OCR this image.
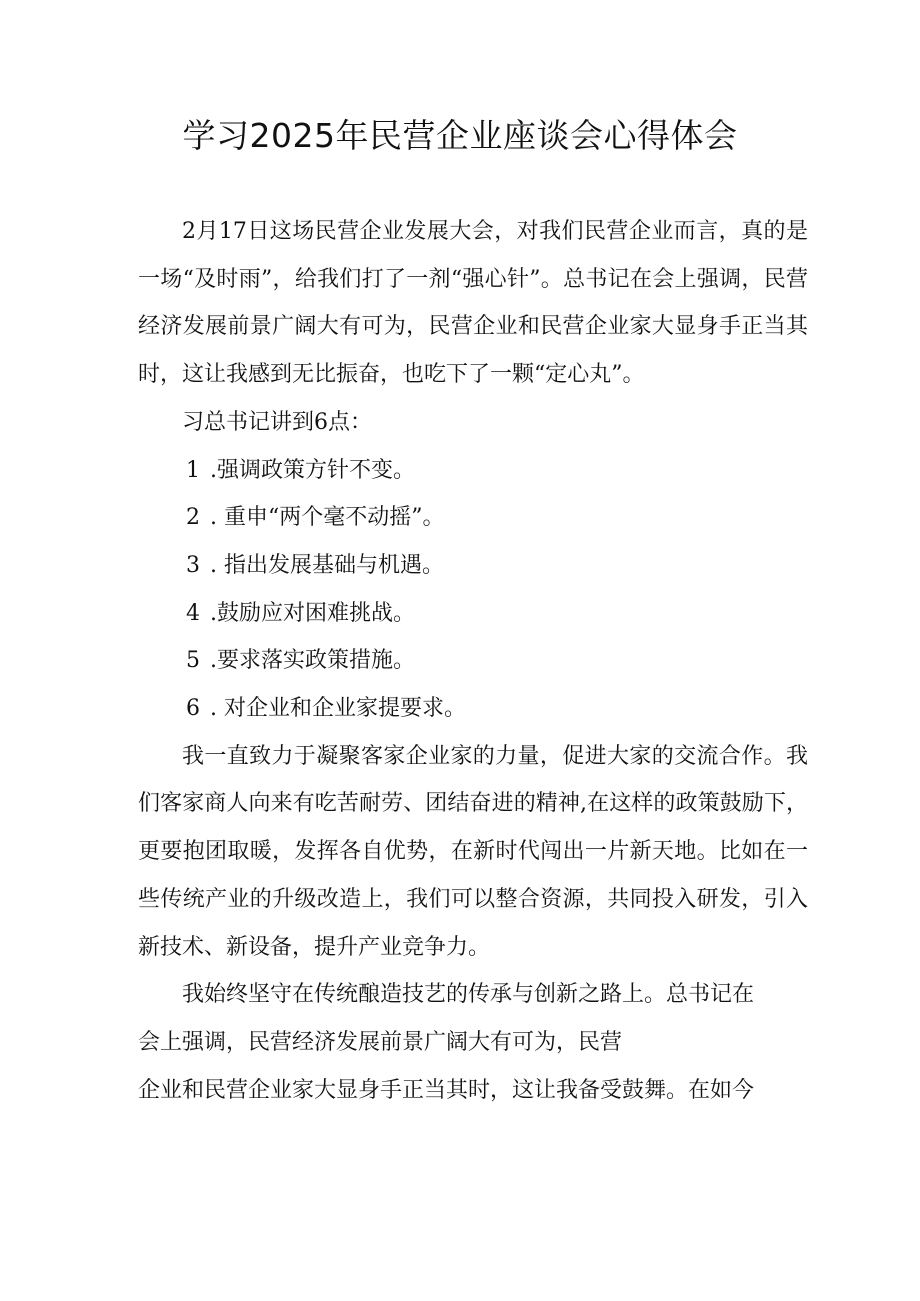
学习2025年民营企业座谈会心得体会

2月17日这场民营企业发展大会，对我们民营企业而言，真的是一场“及时雨”，给我们打了一剂“强心针”。总书记在会上强调，民营经济发展前景广阔大有可为，民营企业和民营企业家大显身手正当其时，这让我感到无比振奋，也吃下了一颗“定心丸”。

习总书记讲到6点：

1 .强调政策方针不变。

2 . 重申“两个毫不动摇”。

3 . 指出发展基础与机遇。

4 .鼓励应对困难挑战。

5 .要求落实政策措施。

6 . 对企业和企业家提要求。

我一直致力于凝聚客家企业家的力量，促进大家的交流合作。我们客家商人向来有吃苦耐劳、团结奋进的精神,在这样的政策鼓励下，更要抱团取暖，发挥各自优势，在新时代闯出一片新天地。比如在一些传统产业的升级改造上，我们可以整合资源，共同投入研发，引入新技术、新设备，提升产业竞争力。

我始终坚守在传统酿造技艺的传承与创新之路上。总书记在
会上强调，民营经济发展前景广阔大有可为，民营
企业和民营企业家大显身手正当其时，这让我备受鼓舞。在如今
